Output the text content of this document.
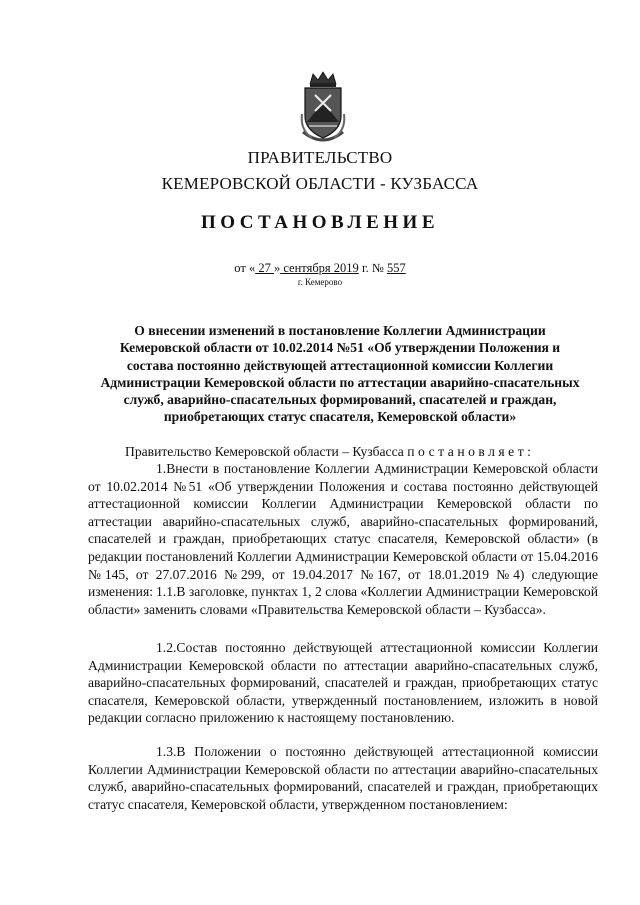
ПРАВИТЕЛЬСТВО
КЕМЕРОВСКОЙ ОБЛАСТИ - КУЗБАССА
ПОСТАНОВЛЕНИЕ
от « 27 » сентября 2019 г. № 557
г. Кемерово
О внесении изменений в постановление Коллегии Администрации Кемеровской области от 10.02.2014 №51 «Об утверждении Положения и состава постоянно действующей аттестационной комиссии Коллегии Администрации Кемеровской области по аттестации аварийно-спасательных служб, аварийно-спасательных формирований, спасателей и граждан, приобретающих статус спасателя, Кемеровской области»
Правительство Кемеровской области – Кузбасса постановляет:
1.Внести в постановление Коллегии Администрации Кемеровской области от 10.02.2014 №51 «Об утверждении Положения и состава постоянно действующей аттестационной комиссии Коллегии Администрации Кемеровской области по аттестации аварийно-спасательных служб, аварийно-спасательных формирований, спасателей и граждан, приобретающих статус спасателя, Кемеровской области» (в редакции постановлений Коллегии Администрации Кемеровской области от 15.04.2016 №145, от 27.07.2016 №299, от 19.04.2017 №167, от 18.01.2019 №4) следующие изменения: 1.1.В заголовке, пунктах 1, 2 слова «Коллегии Администрации Кемеровской области» заменить словами «Правительства Кемеровской области – Кузбасса».
1.2.Состав постоянно действующей аттестационной комиссии Коллегии Администрации Кемеровской области по аттестации аварийно-спасательных служб, аварийно-спасательных формирований, спасателей и граждан, приобретающих статус спасателя, Кемеровской области, утвержденный постановлением, изложить в новой редакции согласно приложению к настоящему постановлению.
1.3.В Положении о постоянно действующей аттестационной комиссии Коллегии Администрации Кемеровской области по аттестации аварийно-спасательных служб, аварийно-спасательных формирований, спасателей и граждан, приобретающих статус спасателя, Кемеровской области, утвержденном постановлением:
